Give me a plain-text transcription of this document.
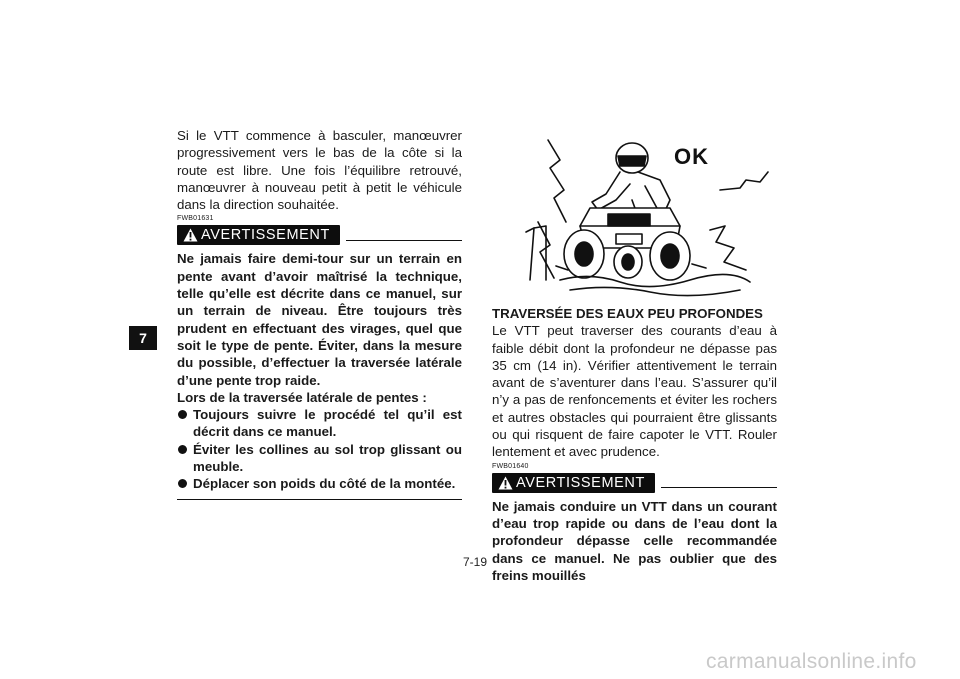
7

Si le VTT commence à basculer, manœuvrer progressivement vers le bas de la côte si la route est libre. Une fois l’équilibre retrouvé, manœuvrer à nouveau petit à petit le véhicule dans la direction souhaitée.

FWB01631
AVERTISSEMENT

Ne jamais faire demi-tour sur un terrain en pente avant d’avoir maîtrisé la technique, telle qu’elle est décrite dans ce manuel, sur un terrain de niveau. Être toujours très prudent en effectuant des virages, quel que soit le type de pente. Éviter, dans la mesure du possible, d’effectuer la traversée latérale d’une pente trop raide.

Lors de la traversée latérale de pentes :

Toujours suivre le procédé tel qu’il est décrit dans ce manuel.
Éviter les collines au sol trop glissant ou meuble.
Déplacer son poids du côté de la montée.
OK

TRAVERSÉE DES EAUX PEU PROFONDES

Le VTT peut traverser des courants d’eau à faible débit dont la profondeur ne dépasse pas 35 cm (14 in). Vérifier attentivement le terrain avant de s’aventurer dans l’eau. S’assurer qu’il n’y a pas de renfoncements et éviter les rochers et autres obstacles qui pourraient être glissants ou qui risquent de faire capoter le VTT. Rouler lentement et avec prudence.

FWB01640
AVERTISSEMENT

Ne jamais conduire un VTT dans un courant d’eau trop rapide ou dans de l’eau dont la profondeur dépasse celle recommandée dans ce manuel. Ne pas oublier que des freins mouillés

7-19
carmanualsonline.info
